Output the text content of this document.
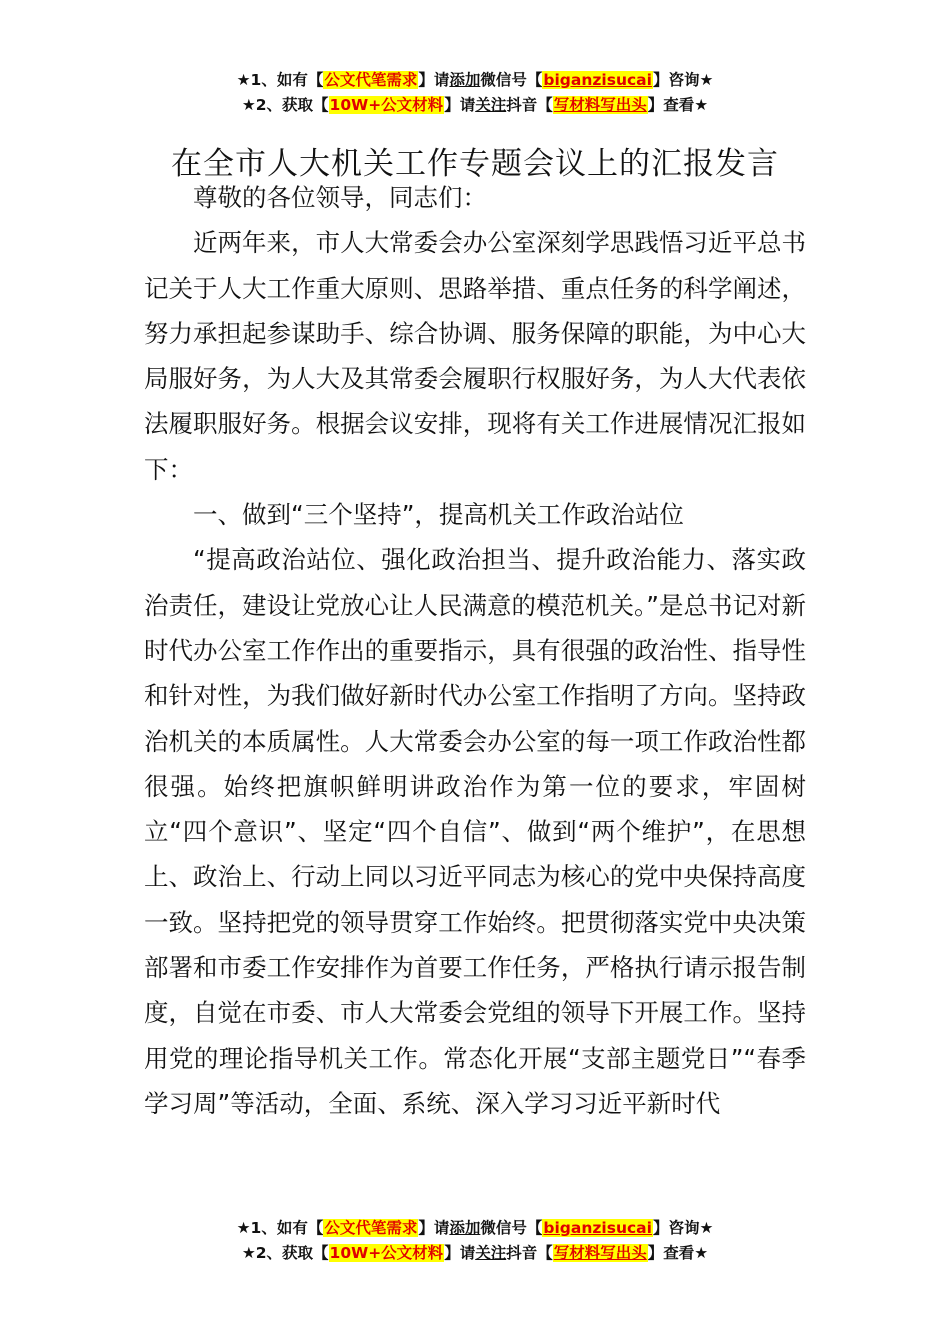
★1、如有【公文代笔需求】请添加微信号【biganzisucai】咨询★
★2、获取【10W+公文材料】请关注抖音【写材料写出头】查看★
在全市人大机关工作专题会议上的汇报发言

尊敬的各位领导，同志们：

近两年来，市人大常委会办公室深刻学思践悟习近平总书记关于人大工作重大原则、思路举措、重点任务的科学阐述，努力承担起参谋助手、综合协调、服务保障的职能，为中心大局服好务，为人大及其常委会履职行权服好务，为人大代表依法履职服好务。根据会议安排，现将有关工作进展情况汇报如下：

一、做到“三个坚持”，提高机关工作政治站位

“提高政治站位、强化政治担当、提升政治能力、落实政治责任，建设让党放心让人民满意的模范机关。”是总书记对新时代办公室工作作出的重要指示，具有很强的政治性、指导性和针对性，为我们做好新时代办公室工作指明了方向。坚持政治机关的本质属性。人大常委会办公室的每一项工作政治性都很强。始终把旗帜鲜明讲政治作为第一位的要求，牢固树立“四个意识”、坚定“四个自信”、做到“两个维护”，在思想上、政治上、行动上同以习近平同志为核心的党中央保持高度一致。坚持把党的领导贯穿工作始终。把贯彻落实党中央决策部署和市委工作安排作为首要工作任务，严格执行请示报告制度，自觉在市委、市人大常委会党组的领导下开展工作。坚持用党的理论指导机关工作。常态化开展“支部主题党日”“春季学习周”等活动，全面、系统、深入学习习近平新时代

★1、如有【公文代笔需求】请添加微信号【biganzisucai】咨询★
★2、获取【10W+公文材料】请关注抖音【写材料写出头】查看★
